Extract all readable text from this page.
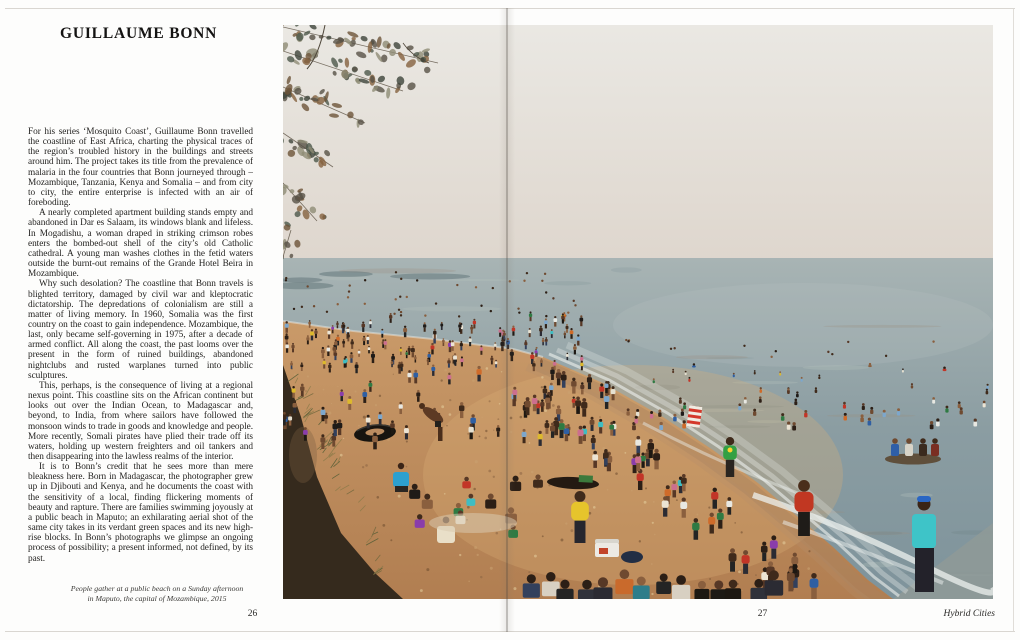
GUILLAUME BONN

For his series ‘Mosquito Coast’, Guillaume Bonn travelled the coastline of East Africa, charting the physical traces of the region’s troubled history in the buildings and streets around him. The project takes its title from the prevalence of malaria in the four countries that Bonn journeyed through – Mozambique, Tanzania, Kenya and Somalia – and from city to city, the entire enterprise is infected with an air of foreboding.

A nearly completed apartment building stands empty and abandoned in Dar es Salaam, its windows blank and lifeless. In Mogadishu, a woman draped in striking crimson robes enters the bombed-out shell of the city’s old Catholic cathedral. A young man washes clothes in the fetid waters outside the burnt-out remains of the Grande Hotel Beira in Mozambique.

Why such desolation? The coastline that Bonn travels is blighted territory, damaged by civil war and kleptocratic dictatorship. The depredations of colonialism are still a matter of living memory. In 1960, Somalia was the first country on the coast to gain independence. Mozambique, the last, only became self-governing in 1975, after a decade of armed conflict. All along the coast, the past looms over the present in the form of ruined buildings, abandoned nightclubs and rusted warplanes turned into public sculptures.

This, perhaps, is the consequence of living at a regional nexus point. This coastline sits on the African continent but looks out over the Indian Ocean, to Madagascar and, beyond, to India, from where sailors have followed the monsoon winds to trade in goods and knowledge and people. More recently, Somali pirates have plied their trade off its waters, holding up western freighters and oil tankers and then disappearing into the lawless realms of the interior.

It is to Bonn’s credit that he sees more than mere bleakness here. Born in Madagascar, the photographer grew up in Djibouti and Kenya, and he documents the coast with the sensitivity of a local, finding flickering moments of beauty and rapture. There are families swimming joyously at a public beach in Maputo; an exhilarating aerial shot of the same city takes in its verdant green spaces and its new high-rise blocks. In Bonn’s photographs we glimpse an ongoing process of possibility; a present informed, not defined, by its past.

People gather at a public beach on a Sunday afternoon
in Maputo, the capital of Mozambique, 2015
26	27	Hybrid Cities
